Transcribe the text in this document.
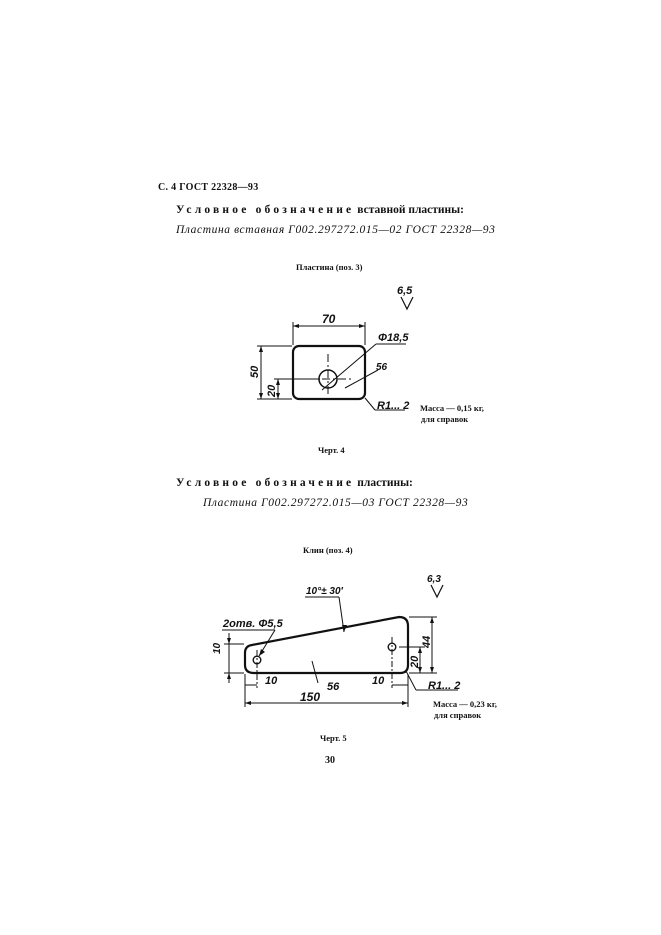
С. 4 ГОСТ 22328—93
Условное обозначение вставной пластины:
Пластина вставная Г002.297272.015—02 ГОСТ 22328—93
Пластина (поз. 3)
6,5
70
Φ18,5
50
20
56
R1... 2 Масса — 0,15 кг,
для справок
Черт. 4
Условное обозначение пластины:
Пластина Г002.297272.015—03 ГОСТ 22328—93
Клин (поз. 4)
6,3
10°± 30′
2отв. Φ5,5
10
20
44
10	56	10
150
R1... 2
Масса — 0,23 кг,
для справок
Черт. 5
30
